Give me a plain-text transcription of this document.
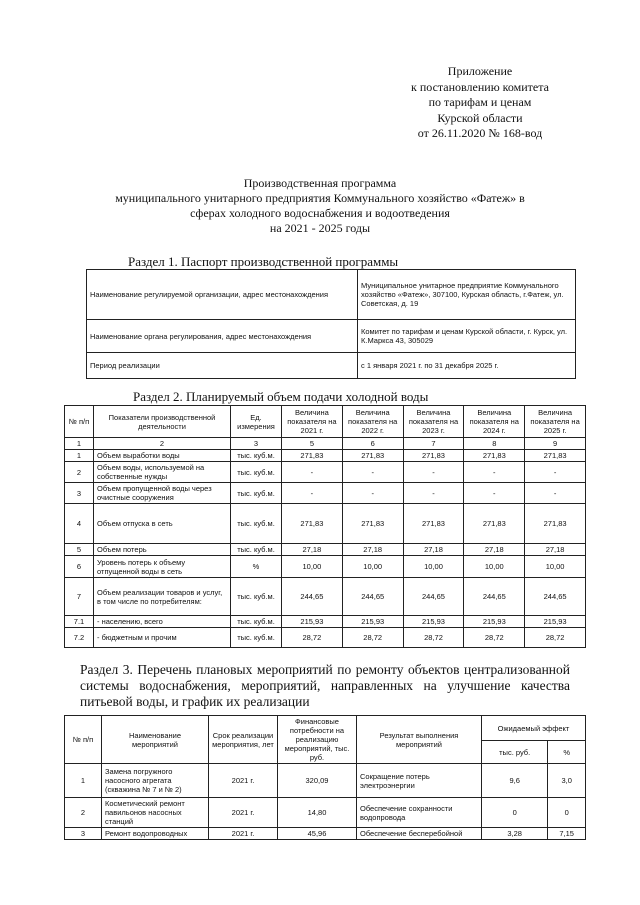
Приложение
к постановлению комитета
по тарифам и ценам
Курской области
от 26.11.2020 № 168-вод
Производственная программа
муниципального унитарного предприятия Коммунального хозяйство «Фатеж» в
сферах холодного водоснабжения и водоотведения
на 2021 - 2025 годы
Раздел 1. Паспорт производственной программы
Наименование регулируемой организации, адрес местонахождения	Муниципальное унитарное предприятие Коммунального хозяйство «Фатеж», 307100, Курская область, г.Фатеж, ул. Советская, д. 19
Наименование органа регулирования, адрес местонахождения	Комитет по тарифам и ценам Курской области, г. Курск, ул. К.Маркса 43, 305029
Период реализации	с 1 января 2021 г. по 31 декабря 2025 г.
Раздел 2. Планируемый объем подачи холодной воды
№ п/п	Показатели производственной деятельности	Ед. измерения	Величина показателя на 2021 г.	Величина показателя на 2022 г.	Величина показателя на 2023 г.	Величина показателя на 2024 г.	Величина показателя на 2025 г.
1	2	3	5	6	7	8	9
1	Объем выработки воды	тыс. куб.м.	271,83	271,83	271,83	271,83	271,83
2	Объем воды, используемой на собственные нужды	тыс. куб.м.	-	-	-	-	-
3	Объем пропущенной воды через очистные сооружения	тыс. куб.м.	-	-	-	-	-
4	Объем отпуска в сеть	тыс. куб.м.	271,83	271,83	271,83	271,83	271,83
5	Объем потерь	тыс. куб.м.	27,18	27,18	27,18	27,18	27,18
6	Уровень потерь к объему отпущенной воды в сеть	%	10,00	10,00	10,00	10,00	10,00
7	Объем реализации товаров и услуг, в том числе по потребителям:	тыс. куб.м.	244,65	244,65	244,65	244,65	244,65
7.1	- населению, всего	тыс. куб.м.	215,93	215,93	215,93	215,93	215,93
7.2	- бюджетным и прочим	тыс. куб.м.	28,72	28,72	28,72	28,72	28,72
Раздел 3. Перечень плановых мероприятий по ремонту объектов централизованной системы водоснабжения, мероприятий, направленных на улучшение качества питьевой воды, и график их реализации
№ п/п	Наименование мероприятий	Срок реализации мероприятия, лет	Финансовые потребности на реализацию мероприятий, тыс. руб.	Результат выполнения мероприятий	Ожидаемый эффект	
					тыс. руб.	%
1	Замена погружного насосного агрегата (скважина № 7 и № 2)	2021 г.	320,09	Сокращение потерь электроэнергии	9,6	3,0
2	Косметический ремонт павильонов насосных станций	2021 г.	14,80	Обеспечение сохранности водопровода	0	0
3	Ремонт водопроводных	2021 г.	45,96	Обеспечение бесперебойной	3,28	7,15
